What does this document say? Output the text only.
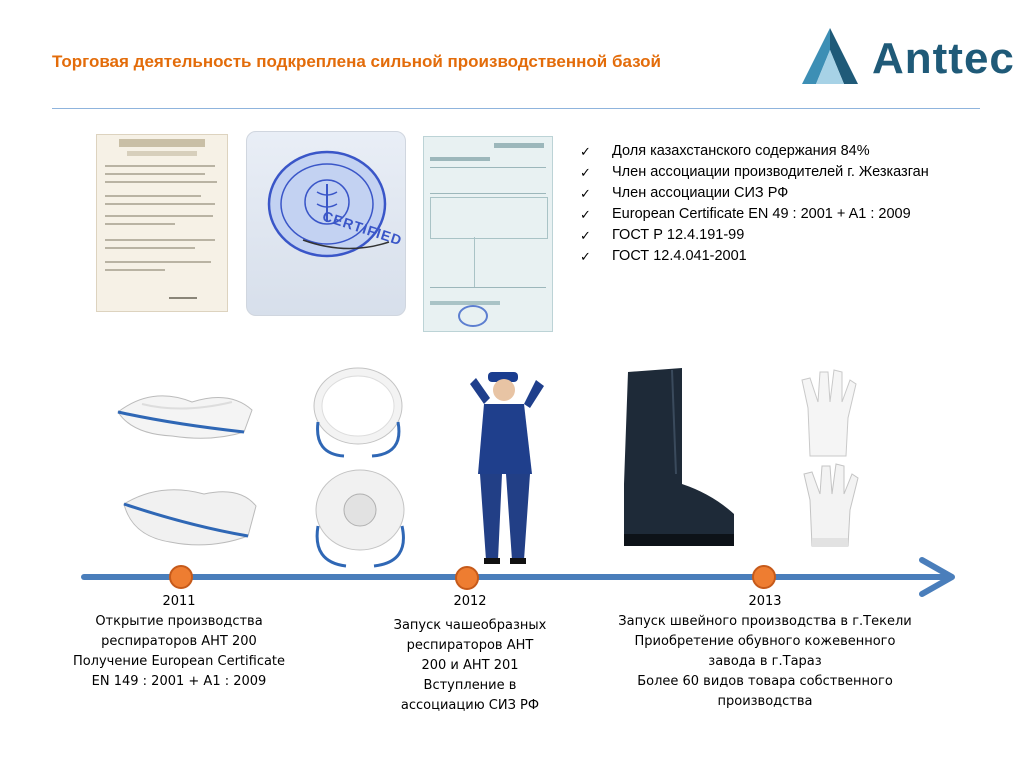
Торговая деятельность подкреплена сильной производственной базой	Anttec
CERTIFIED
✓	Доля казахстанского содержания 84%
✓	Член ассоциации производителей г. Жезказган
✓	Член ассоциации СИЗ РФ
✓	European Certificate EN 49 : 2001 + A1 : 2009
✓	ГОСТ Р 12.4.191-99
✓	ГОСТ 12.4.041-2001
2011
Открытие производства
респираторов АНТ 200
Получение European Certificate
EN 149 : 2001 + A1 : 2009
2012
Запуск чашеобразных
респираторов АНТ
200 и АНТ 201
Вступление в
ассоциацию СИЗ РФ
2013
Запуск швейного производства в г.Текели
Приобретение обувного кожевенного
завода в г.Тараз
Более 60 видов товара собственного
производства
